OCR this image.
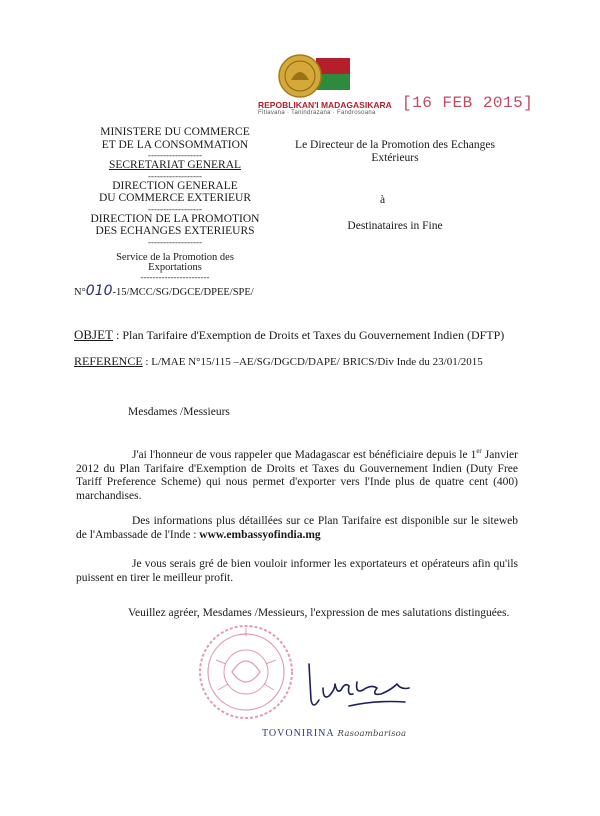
REPOBLIKAN'I MADAGASIKARA
Fitiavana · Tanindrazana · Fandrosoana
[16 FEB 2015]
MINISTERE DU COMMERCE
ET DE LA CONSOMMATION
------------------
SECRETARIAT GENERAL
------------------
DIRECTION GENERALE
DU COMMERCE EXTERIEUR
------------------
DIRECTION DE LA PROMOTION
DES ECHANGES EXTERIEURS
------------------
Service de la Promotion des
Exportations
-----------------------
Le Directeur de la Promotion des Echanges
Extérieurs
à
Destinataires in Fine
N°010-15/MCC/SG/DGCE/DPEE/SPE/
OBJET : Plan Tarifaire d'Exemption de Droits et Taxes du Gouvernement Indien (DFTP)
REFERENCE : L/MAE N°15/115 –AE/SG/DGCD/DAPE/ BRICS/Div Inde du 23/01/2015
Mesdames /Messieurs
J'ai l'honneur de vous rappeler que Madagascar est bénéficiaire depuis le 1er Janvier 2012 du Plan Tarifaire d'Exemption de Droits et Taxes du Gouvernement Indien (Duty Free Tariff Preference Scheme) qui nous permet d'exporter vers l'Inde plus de quatre cent (400) marchandises.
Des informations plus détaillées sur ce Plan Tarifaire est disponible sur le siteweb de l'Ambassade de l'Inde : www.embassyofindia.mg
Je vous serais gré de bien vouloir informer les exportateurs et opérateurs afin qu'ils puissent en tirer le meilleur profit.
Veuillez agréer, Mesdames /Messieurs, l'expression de mes salutations distinguées.
TOVONIRINA Rasoambarisoa
